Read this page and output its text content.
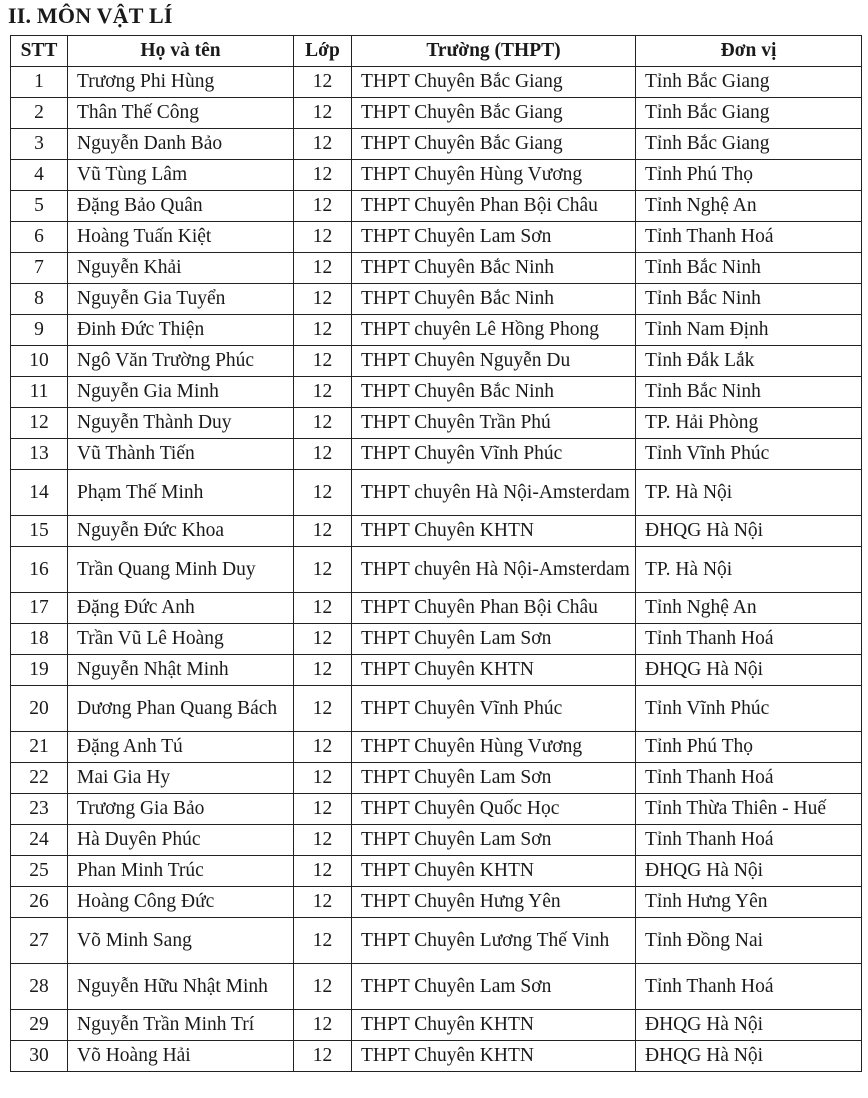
II. MÔN VẬT LÍ
STT	Họ và tên	Lớp	Trường (THPT)	Đơn vị
1	Trương Phi Hùng	12	THPT Chuyên Bắc Giang	Tỉnh Bắc Giang
2	Thân Thế Công	12	THPT Chuyên Bắc Giang	Tỉnh Bắc Giang
3	Nguyễn Danh Bảo	12	THPT Chuyên Bắc Giang	Tỉnh Bắc Giang
4	Vũ Tùng Lâm	12	THPT Chuyên Hùng Vương	Tỉnh Phú Thọ
5	Đặng Bảo Quân	12	THPT Chuyên Phan Bội Châu	Tỉnh Nghệ An
6	Hoàng Tuấn Kiệt	12	THPT Chuyên Lam Sơn	Tỉnh Thanh Hoá
7	Nguyễn Khải	12	THPT Chuyên Bắc Ninh	Tỉnh Bắc Ninh
8	Nguyễn Gia Tuyển	12	THPT Chuyên Bắc Ninh	Tỉnh Bắc Ninh
9	Đinh Đức Thiện	12	THPT chuyên Lê Hồng Phong	Tỉnh Nam Định
10	Ngô Văn Trường Phúc	12	THPT Chuyên Nguyễn Du	Tỉnh Đắk Lắk
11	Nguyễn Gia Minh	12	THPT Chuyên Bắc Ninh	Tỉnh Bắc Ninh
12	Nguyễn Thành Duy	12	THPT Chuyên Trần Phú	TP. Hải Phòng
13	Vũ Thành Tiến	12	THPT Chuyên Vĩnh Phúc	Tỉnh Vĩnh Phúc
14	Phạm Thế Minh	12	THPT chuyên Hà Nội-Amsterdam	TP. Hà Nội
15	Nguyễn Đức Khoa	12	THPT Chuyên KHTN	ĐHQG Hà Nội
16	Trần Quang Minh Duy	12	THPT chuyên Hà Nội-Amsterdam	TP. Hà Nội
17	Đặng Đức Anh	12	THPT Chuyên Phan Bội Châu	Tỉnh Nghệ An
18	Trần Vũ Lê Hoàng	12	THPT Chuyên Lam Sơn	Tỉnh Thanh Hoá
19	Nguyễn Nhật Minh	12	THPT Chuyên KHTN	ĐHQG Hà Nội
20	Dương Phan Quang Bách	12	THPT Chuyên Vĩnh Phúc	Tỉnh Vĩnh Phúc
21	Đặng Anh Tú	12	THPT Chuyên Hùng Vương	Tỉnh Phú Thọ
22	Mai Gia Hy	12	THPT Chuyên Lam Sơn	Tỉnh Thanh Hoá
23	Trương Gia Bảo	12	THPT Chuyên Quốc Học	Tỉnh Thừa Thiên - Huế
24	Hà Duyên Phúc	12	THPT Chuyên Lam Sơn	Tỉnh Thanh Hoá
25	Phan Minh Trúc	12	THPT Chuyên KHTN	ĐHQG Hà Nội
26	Hoàng Công Đức	12	THPT Chuyên Hưng Yên	Tỉnh Hưng Yên
27	Võ Minh Sang	12	THPT Chuyên Lương Thế Vinh	Tỉnh Đồng Nai
28	Nguyễn Hữu Nhật Minh	12	THPT Chuyên Lam Sơn	Tỉnh Thanh Hoá
29	Nguyễn Trần Minh Trí	12	THPT Chuyên KHTN	ĐHQG Hà Nội
30	Võ Hoàng Hải	12	THPT Chuyên KHTN	ĐHQG Hà Nội
